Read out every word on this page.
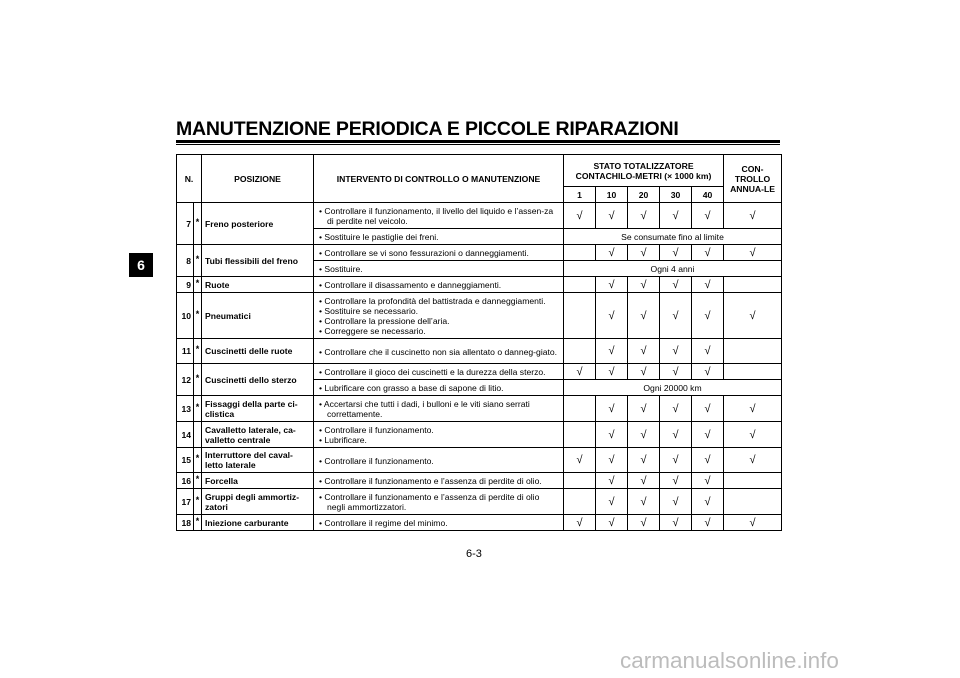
MANUTENZIONE PERIODICA E PICCOLE RIPARAZIONI
6
N.		POSIZIONE	INTERVENTO DI CONTROLLO O MANUTENZIONE	STATO TOTALIZZATORE CONTACHILO-METRI (× 1000 km)					CON-TROLLO ANNUA-LE
				1	10	20	30	40	
7	*	Freno posteriore	• Controllare il funzionamento, il livello del liquido e l’assen-za di perdite nel veicolo.	√	√	√	√	√	√

			• Sostituire le pastiglie dei freni.	Se consumate fino al limite					
8	*	Tubi flessibili del freno	• Controllare se vi sono fessurazioni o danneggiamenti.		√	√	√	√	√

			• Sostituire.	Ogni 4 anni					
9	*	Ruote	• Controllare il disassamento e danneggiamenti.		√	√	√	√	
10	*	Pneumatici	• Controllare la profondità del battistrada e danneggiamenti.
• Sostituire se necessario.
• Controllare la pressione dell’aria.
• Correggere se necessario.		√	√	√	√	√
11	*	Cuscinetti delle ruote	• Controllare che il cuscinetto non sia allentato o danneg-giato.		√	√	√	√	
12	*	Cuscinetti dello sterzo	• Controllare il gioco dei cuscinetti e la durezza della sterzo.	√	√	√	√	√	

			• Lubrificare con grasso a base di sapone di litio.	Ogni 20000 km					
13	*	Fissaggi della parte ci-clistica	• Accertarsi che tutti i dadi, i bulloni e le viti siano serrati correttamente.		√	√	√	√	√
14		Cavalletto laterale, ca-valletto centrale	• Controllare il funzionamento.
• Lubrificare.		√	√	√	√	√
15	*	Interruttore del caval-letto laterale	• Controllare il funzionamento.	√	√	√	√	√	√
16	*	Forcella	• Controllare il funzionamento e l’assenza di perdite di olio.		√	√	√	√	
17	*	Gruppi degli ammortiz-zatori	• Controllare il funzionamento e l’assenza di perdite di olio negli ammortizzatori.		√	√	√	√	
18	*	Iniezione carburante	• Controllare il regime del minimo.	√	√	√	√	√	√
6-3
carmanualsonline.info
